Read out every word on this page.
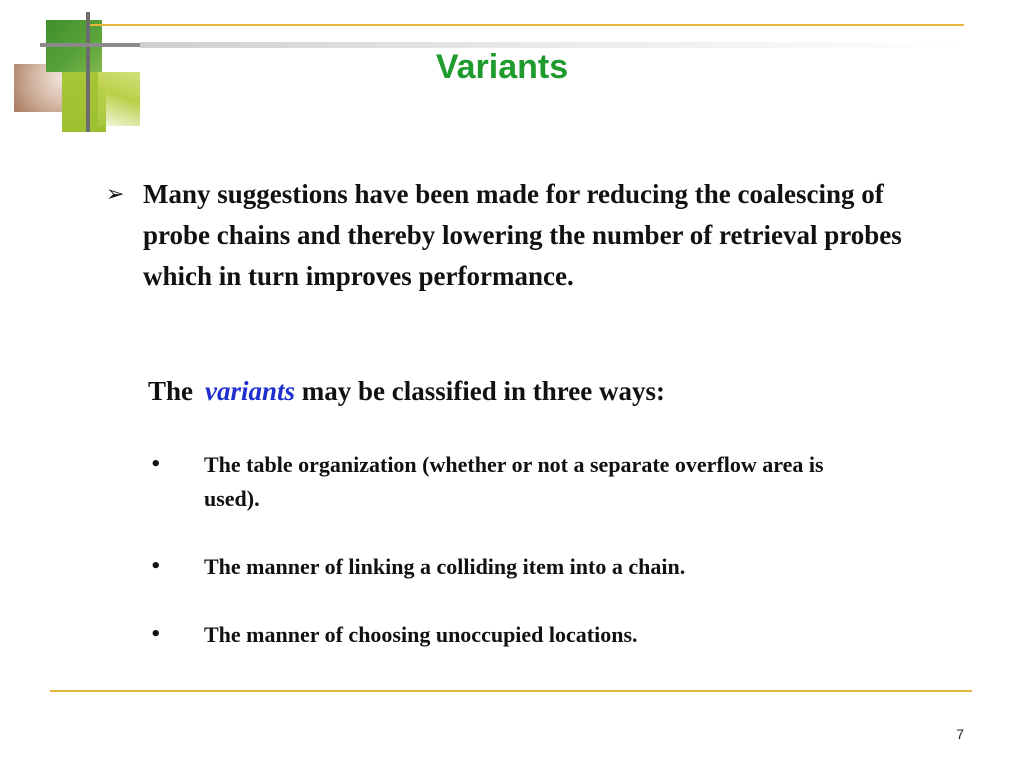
Variants
➢ Many suggestions have been made for reducing the coalescing of probe chains and thereby lowering the number of retrieval probes which in turn improves performance.
The variants may be classified in three ways:
•	The table organization (whether or not a separate overflow area is used).
•	The manner of linking a colliding item into a chain.
•	The manner of choosing unoccupied locations.
7
